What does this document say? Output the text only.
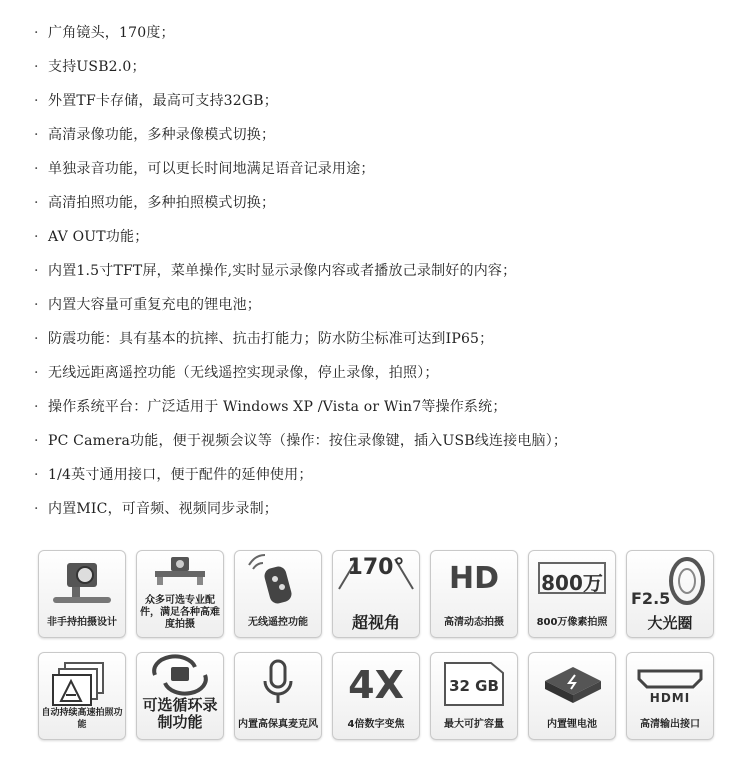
· 广角镜头，170度；
· 支持USB2.0；
· 外置TF卡存储，最高可支持32GB；
· 高清录像功能，多种录像模式切换；
· 单独录音功能，可以更长时间地满足语音记录用途；
· 高清拍照功能，多种拍照模式切换；
· AV OUT功能；
· 内置1.5寸TFT屏，菜单操作,实时显示录像内容或者播放己录制好的内容；
· 内置大容量可重复充电的锂电池；
· 防震功能：具有基本的抗摔、抗击打能力；防水防尘标准可达到IP65；
· 无线远距离遥控功能（无线遥控实现录像，停止录像，拍照）；
· 操作系统平台：广泛适用于 Windows XP /Vista or Win7等操作系统；
· PC Camera功能，便于视频会议等（操作：按住录像键，插入USB线连接电脑）；
· 1/4英寸通用接口，便于配件的延伸使用；
· 内置MIC，可音频、视频同步录制；
非手持拍摄设计
众多可选专业配件，满足各种高难度拍摄	无线遥控功能
170°
超视角
HD
高清动态拍摄
800万
800万像素拍照
F2.5
大光圈
自动持续高速拍照功能
可选循环录制功能	内置高保真麦克风
4X
4倍数字变焦
32 GB
最大可扩容量	内置锂电池
HDMI
高清输出接口
